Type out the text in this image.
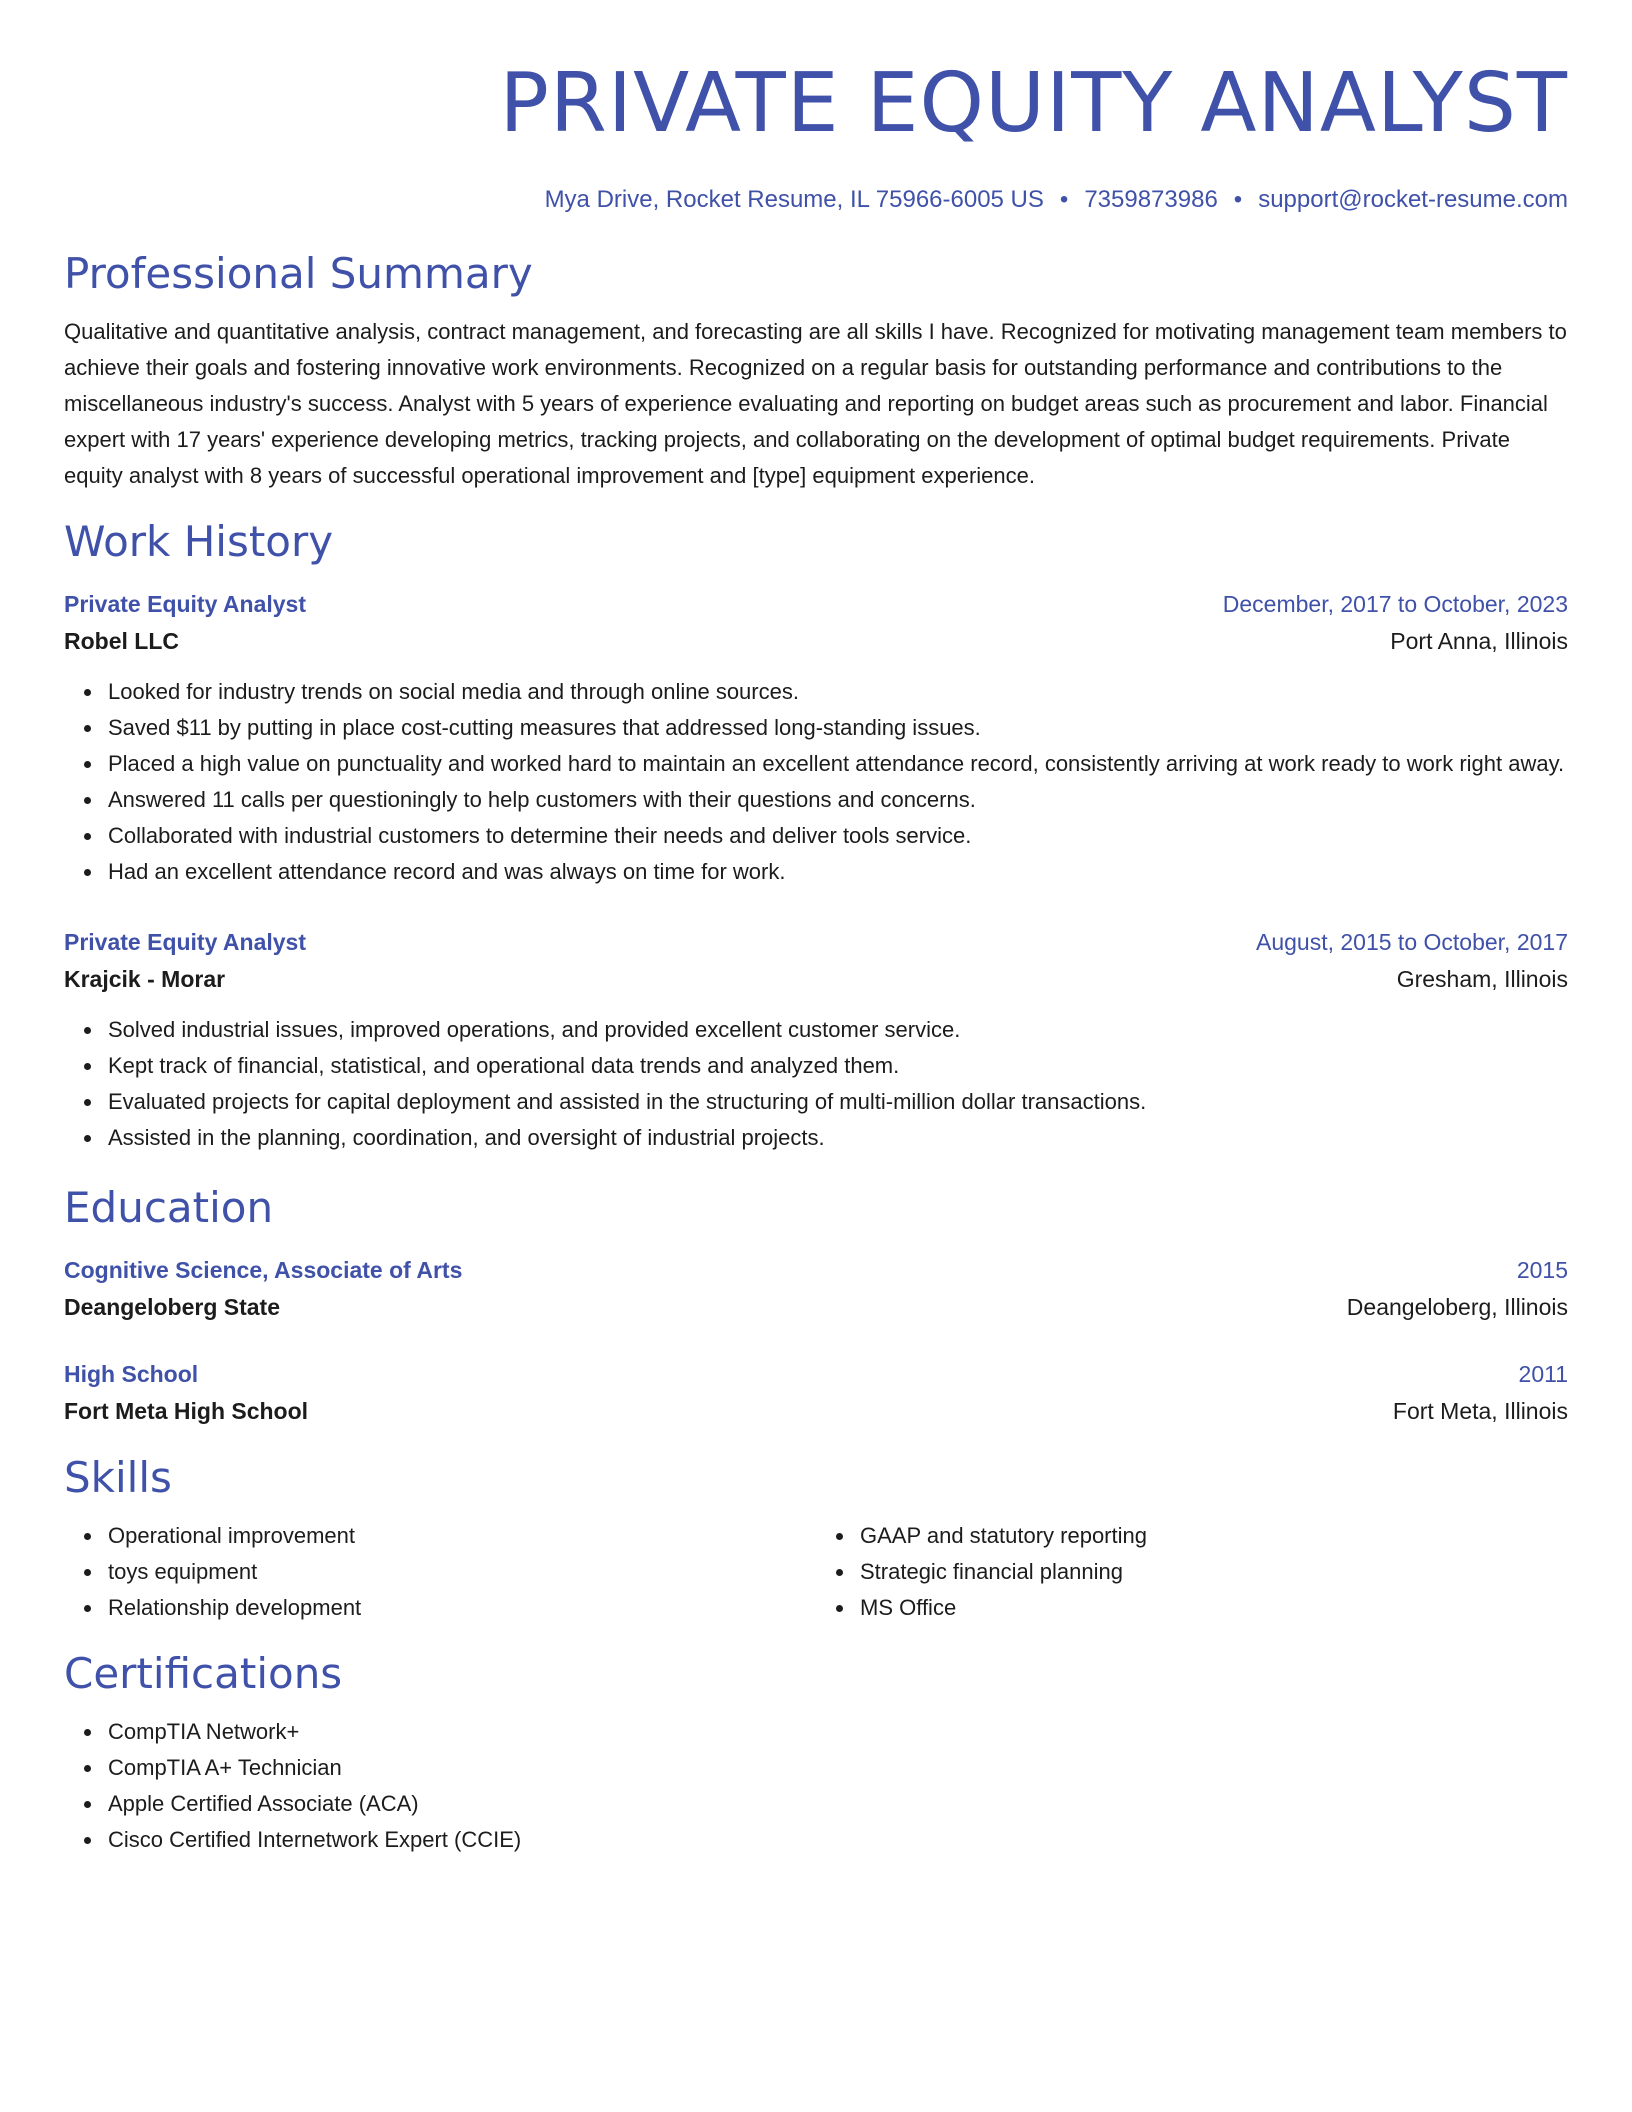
PRIVATE EQUITY ANALYST
Mya Drive, Rocket Resume, IL 75966-6005 US • 7359873986 • support@rocket-resume.com
Professional Summary
Qualitative and quantitative analysis, contract management, and forecasting are all skills I have. Recognized for motivating management team members to achieve their goals and fostering innovative work environments. Recognized on a regular basis for outstanding performance and contributions to the miscellaneous industry's success. Analyst with 5 years of experience evaluating and reporting on budget areas such as procurement and labor. Financial expert with 17 years' experience developing metrics, tracking projects, and collaborating on the development of optimal budget requirements. Private equity analyst with 8 years of successful operational improvement and [type] equipment experience.
Work History
Private Equity Analyst	December, 2017 to October, 2023
Robel LLC	Port Anna, Illinois
Looked for industry trends on social media and through online sources.
Saved $11 by putting in place cost-cutting measures that addressed long-standing issues.
Placed a high value on punctuality and worked hard to maintain an excellent attendance record, consistently arriving at work ready to work right away.
Answered 11 calls per questioningly to help customers with their questions and concerns.
Collaborated with industrial customers to determine their needs and deliver tools service.
Had an excellent attendance record and was always on time for work.
Private Equity Analyst	August, 2015 to October, 2017
Krajcik - Morar	Gresham, Illinois
Solved industrial issues, improved operations, and provided excellent customer service.
Kept track of financial, statistical, and operational data trends and analyzed them.
Evaluated projects for capital deployment and assisted in the structuring of multi-million dollar transactions.
Assisted in the planning, coordination, and oversight of industrial projects.
Education
Cognitive Science, Associate of Arts	2015
Deangeloberg State	Deangeloberg, Illinois
High School	2011
Fort Meta High School	Fort Meta, Illinois
Skills
Operational improvement
toys equipment
Relationship development
GAAP and statutory reporting
Strategic financial planning
MS Office
Certifications
CompTIA Network+
CompTIA A+ Technician
Apple Certified Associate (ACA)
Cisco Certified Internetwork Expert (CCIE)
